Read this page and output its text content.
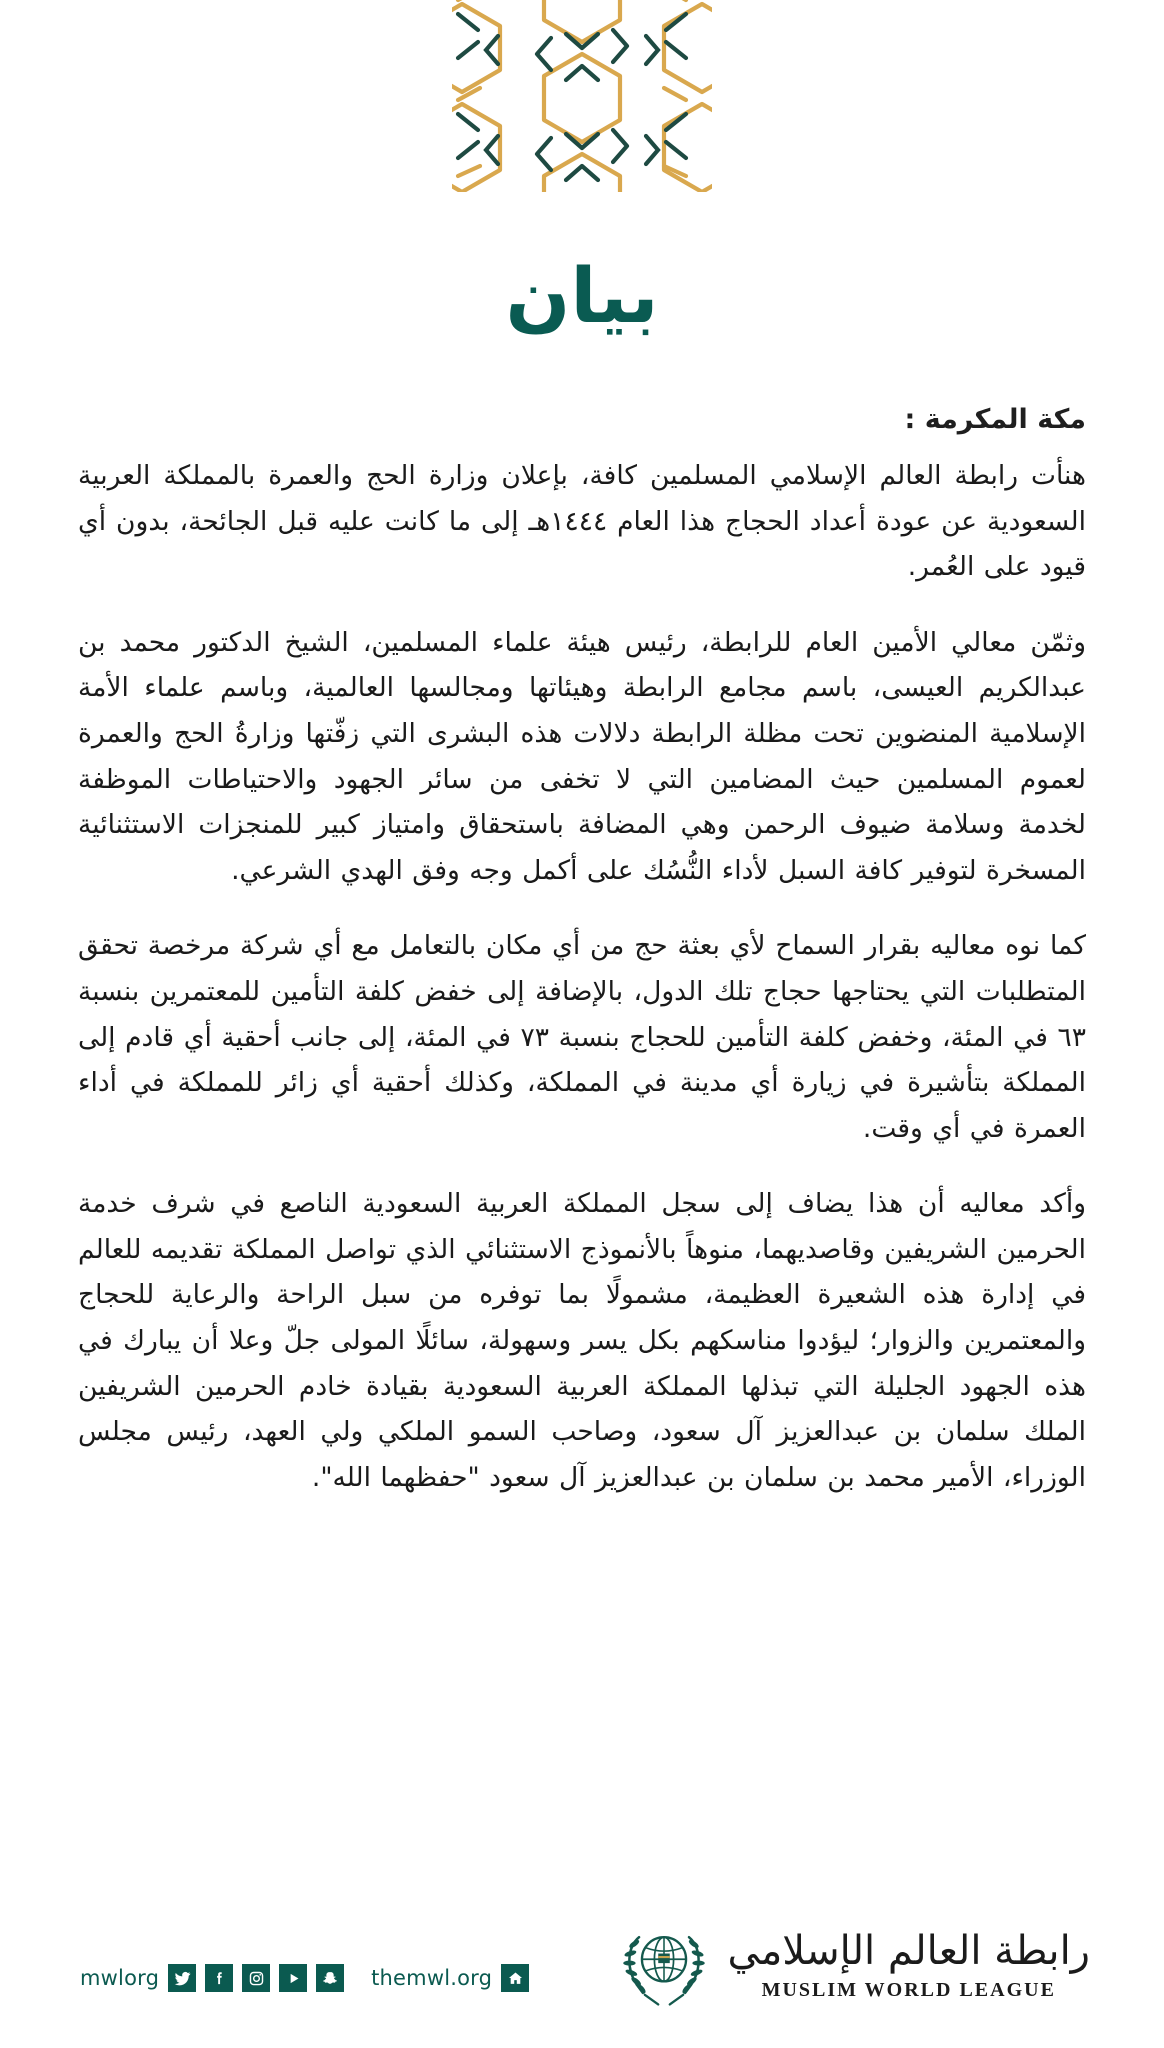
بيان
مكة المكرمة :

هنأت رابطة العالم الإسلامي المسلمين كافة، بإعلان وزارة الحج والعمرة بالمملكة العربية السعودية عن عودة أعداد الحجاج هذا العام ١٤٤٤هـ إلى ما كانت عليه قبل الجائحة، بدون أي قيود على العُمر.

وثمّن معالي الأمين العام للرابطة، رئيس هيئة علماء المسلمين، الشيخ الدكتور محمد بن عبدالكريم العيسى، باسم مجامع الرابطة وهيئاتها ومجالسها العالمية، وباسم علماء الأمة الإسلامية المنضوين تحت مظلة الرابطة دلالات هذه البشرى التي زفّتها وزارةُ الحج والعمرة لعموم المسلمين حيث المضامين التي لا تخفى من سائر الجهود والاحتياطات الموظفة لخدمة وسلامة ضيوف الرحمن وهي المضافة باستحقاق وامتياز كبير للمنجزات الاستثنائية المسخرة لتوفير كافة السبل لأداء النُّسُك على أكمل وجه وفق الهدي الشرعي.

كما نوه معاليه بقرار السماح لأي بعثة حج من أي مكان بالتعامل مع أي شركة مرخصة تحقق المتطلبات التي يحتاجها حجاج تلك الدول، بالإضافة إلى خفض كلفة التأمين للمعتمرين بنسبة ٦٣ في المئة، وخفض كلفة التأمين للحجاج بنسبة ٧٣ في المئة، إلى جانب أحقية أي قادم إلى المملكة بتأشيرة في زيارة أي مدينة في المملكة، وكذلك أحقية أي زائر للمملكة في أداء العمرة في أي وقت.

وأكد معاليه أن هذا يضاف إلى سجل المملكة العربية السعودية الناصع في شرف خدمة الحرمين الشريفين وقاصديهما، منوهاً بالأنموذج الاستثنائي الذي تواصل المملكة تقديمه للعالم في إدارة هذه الشعيرة العظيمة، مشمولًا بما توفره من سبل الراحة والرعاية للحجاج والمعتمرين والزوار؛ ليؤدوا مناسكهم بكل يسر وسهولة، سائلًا المولى جلّ وعلا أن يبارك في هذه الجهود الجليلة التي تبذلها المملكة العربية السعودية بقيادة خادم الحرمين الشريفين الملك سلمان بن عبدالعزيز آل سعود، وصاحب السمو الملكي ولي العهد، رئيس مجلس الوزراء، الأمير محمد بن سلمان بن عبدالعزيز آل سعود "حفظهما الله".

mwlorg	themwl.org
رابطة العالم الإسلامي
MUSLIM WORLD LEAGUE
